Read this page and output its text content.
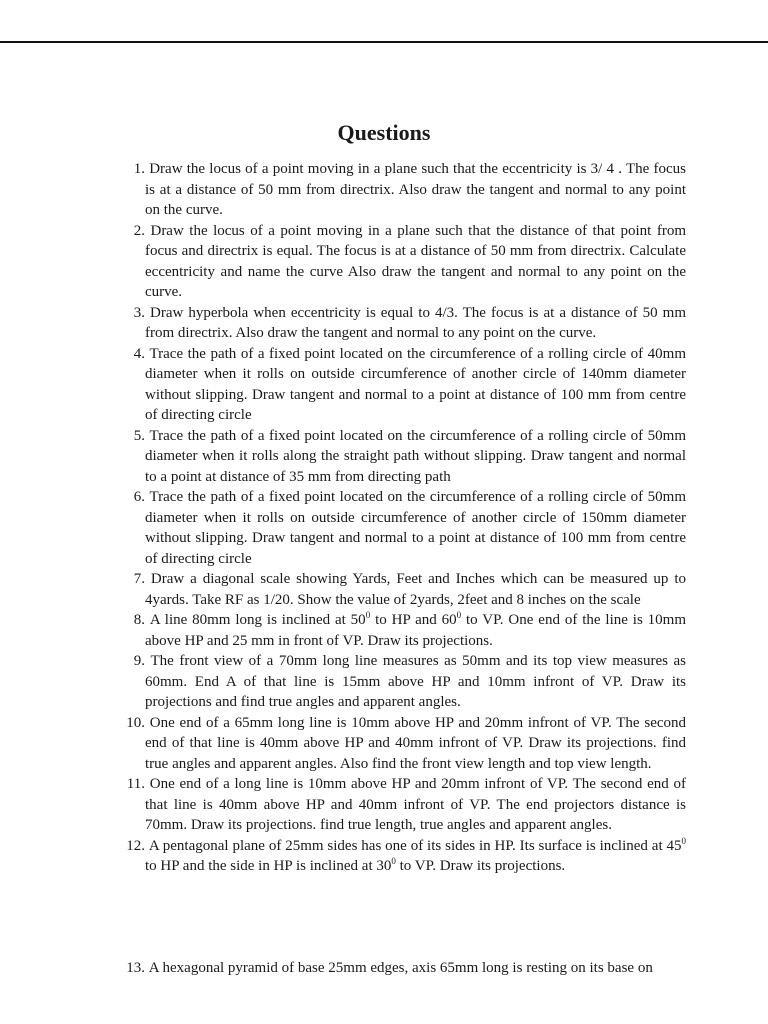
Questions
1. Draw the locus of a point moving in a plane such that the eccentricity is 3/ 4 . The focus is at a distance of 50 mm from directrix. Also draw the tangent and normal to any point on the curve.
2. Draw the locus of a point moving in a plane such that the distance of that point from focus and directrix is equal. The focus is at a distance of 50 mm from directrix. Calculate eccentricity and name the curve Also draw the tangent and normal to any point on the curve.
3. Draw hyperbola when eccentricity is equal to 4/3. The focus is at a distance of 50 mm from directrix. Also draw the tangent and normal to any point on the curve.
4. Trace the path of a fixed point located on the circumference of a rolling circle of 40mm diameter when it rolls on outside circumference of another circle of 140mm diameter without slipping. Draw tangent and normal to a point at distance of 100 mm from centre of directing circle
5. Trace the path of a fixed point located on the circumference of a rolling circle of 50mm diameter when it rolls along the straight path without slipping. Draw tangent and normal to a point at distance of 35 mm from directing path
6. Trace the path of a fixed point located on the circumference of a rolling circle of 50mm diameter when it rolls on outside circumference of another circle of 150mm diameter without slipping. Draw tangent and normal to a point at distance of 100 mm from centre of directing circle
7. Draw a diagonal scale showing Yards, Feet and Inches which can be measured up to 4yards. Take RF as 1/20. Show the value of 2yards, 2feet and 8 inches on the scale
8. A line 80mm long is inclined at $50^0$ to HP and $60^0$ to VP. One end of the line is 10mm above HP and 25 mm in front of VP. Draw its projections.
9. The front view of a 70mm long line measures as 50mm and its top view measures as 60mm. End A of that line is 15mm above HP and 10mm infront of VP. Draw its projections and find true angles and apparent angles.
10. One end of a 65mm long line is 10mm above HP and 20mm infront of VP. The second end of that line is 40mm above HP and 40mm infront of VP. Draw its projections. find true angles and apparent angles. Also find the front view length and top view length.
11. One end of a long line is 10mm above HP and 20mm infront of VP. The second end of that line is 40mm above HP and 40mm infront of VP. The end projectors distance is 70mm. Draw its projections. find true length, true angles and apparent angles.
12. A pentagonal plane of 25mm sides has one of its sides in HP. Its surface is inclined at $45^0$ to HP and the side in HP is inclined at $30^0$ to VP. Draw its projections.
13. A hexagonal pyramid of base 25mm edges, axis 65mm long is resting on its base on
